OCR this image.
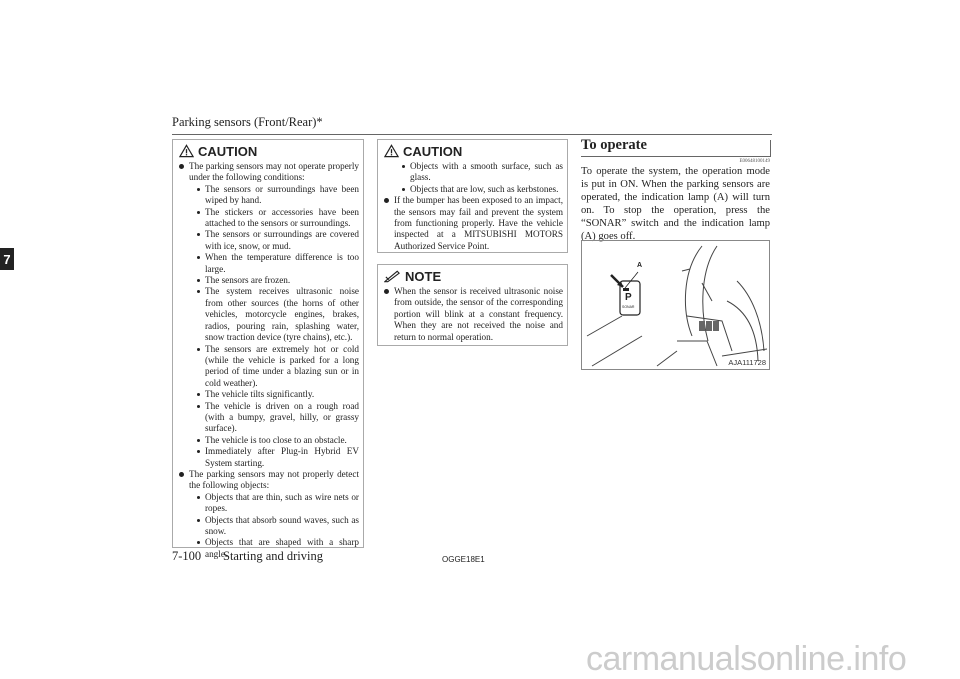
Parking sensors (Front/Rear)*
7
CAUTION
The parking sensors may not operate properly under the following conditions:
The sensors or surroundings have been wiped by hand.
The stickers or accessories have been attached to the sensors or surroundings.
The sensors or surroundings are covered with ice, snow, or mud.
When the temperature difference is too large.
The sensors are frozen.
The system receives ultrasonic noise from other sources (the horns of other vehicles, motorcycle engines, brakes, radios, pouring rain, splashing water, snow traction device (tyre chains), etc.).
The sensors are extremely hot or cold (while the vehicle is parked for a long period of time under a blazing sun or in cold weather).
The vehicle tilts significantly.
The vehicle is driven on a rough road (with a bumpy, gravel, hilly, or grassy surface).
The vehicle is too close to an obstacle.
Immediately after Plug-in Hybrid EV System starting.
The parking sensors may not properly detect the following objects:
Objects that are thin, such as wire nets or ropes.
Objects that absorb sound waves, such as snow.
Objects that are shaped with a sharp angle.
CAUTION
Objects with a smooth surface, such as glass.
Objects that are low, such as kerbstones.
If the bumper has been exposed to an impact, the sensors may fail and prevent the system from functioning properly. Have the vehicle inspected at a MITSUBISHI MOTORS Authorized Service Point.
NOTE
When the sensor is received ultrasonic noise from outside, the sensor of the corresponding portion will blink at a constant frequency. When they are not received the noise and return to normal operation.
To operate
E00648100149
To operate the system, the operation mode is put in ON. When the parking sensors are operated, the indication lamp (A) will turn on. To stop the operation, press the “SONAR” switch and the indication lamp (A) goes off.
A
P
SONAR
AJA111728
7-100 Starting and driving	OGGE18E1
carmanualsonline.info
